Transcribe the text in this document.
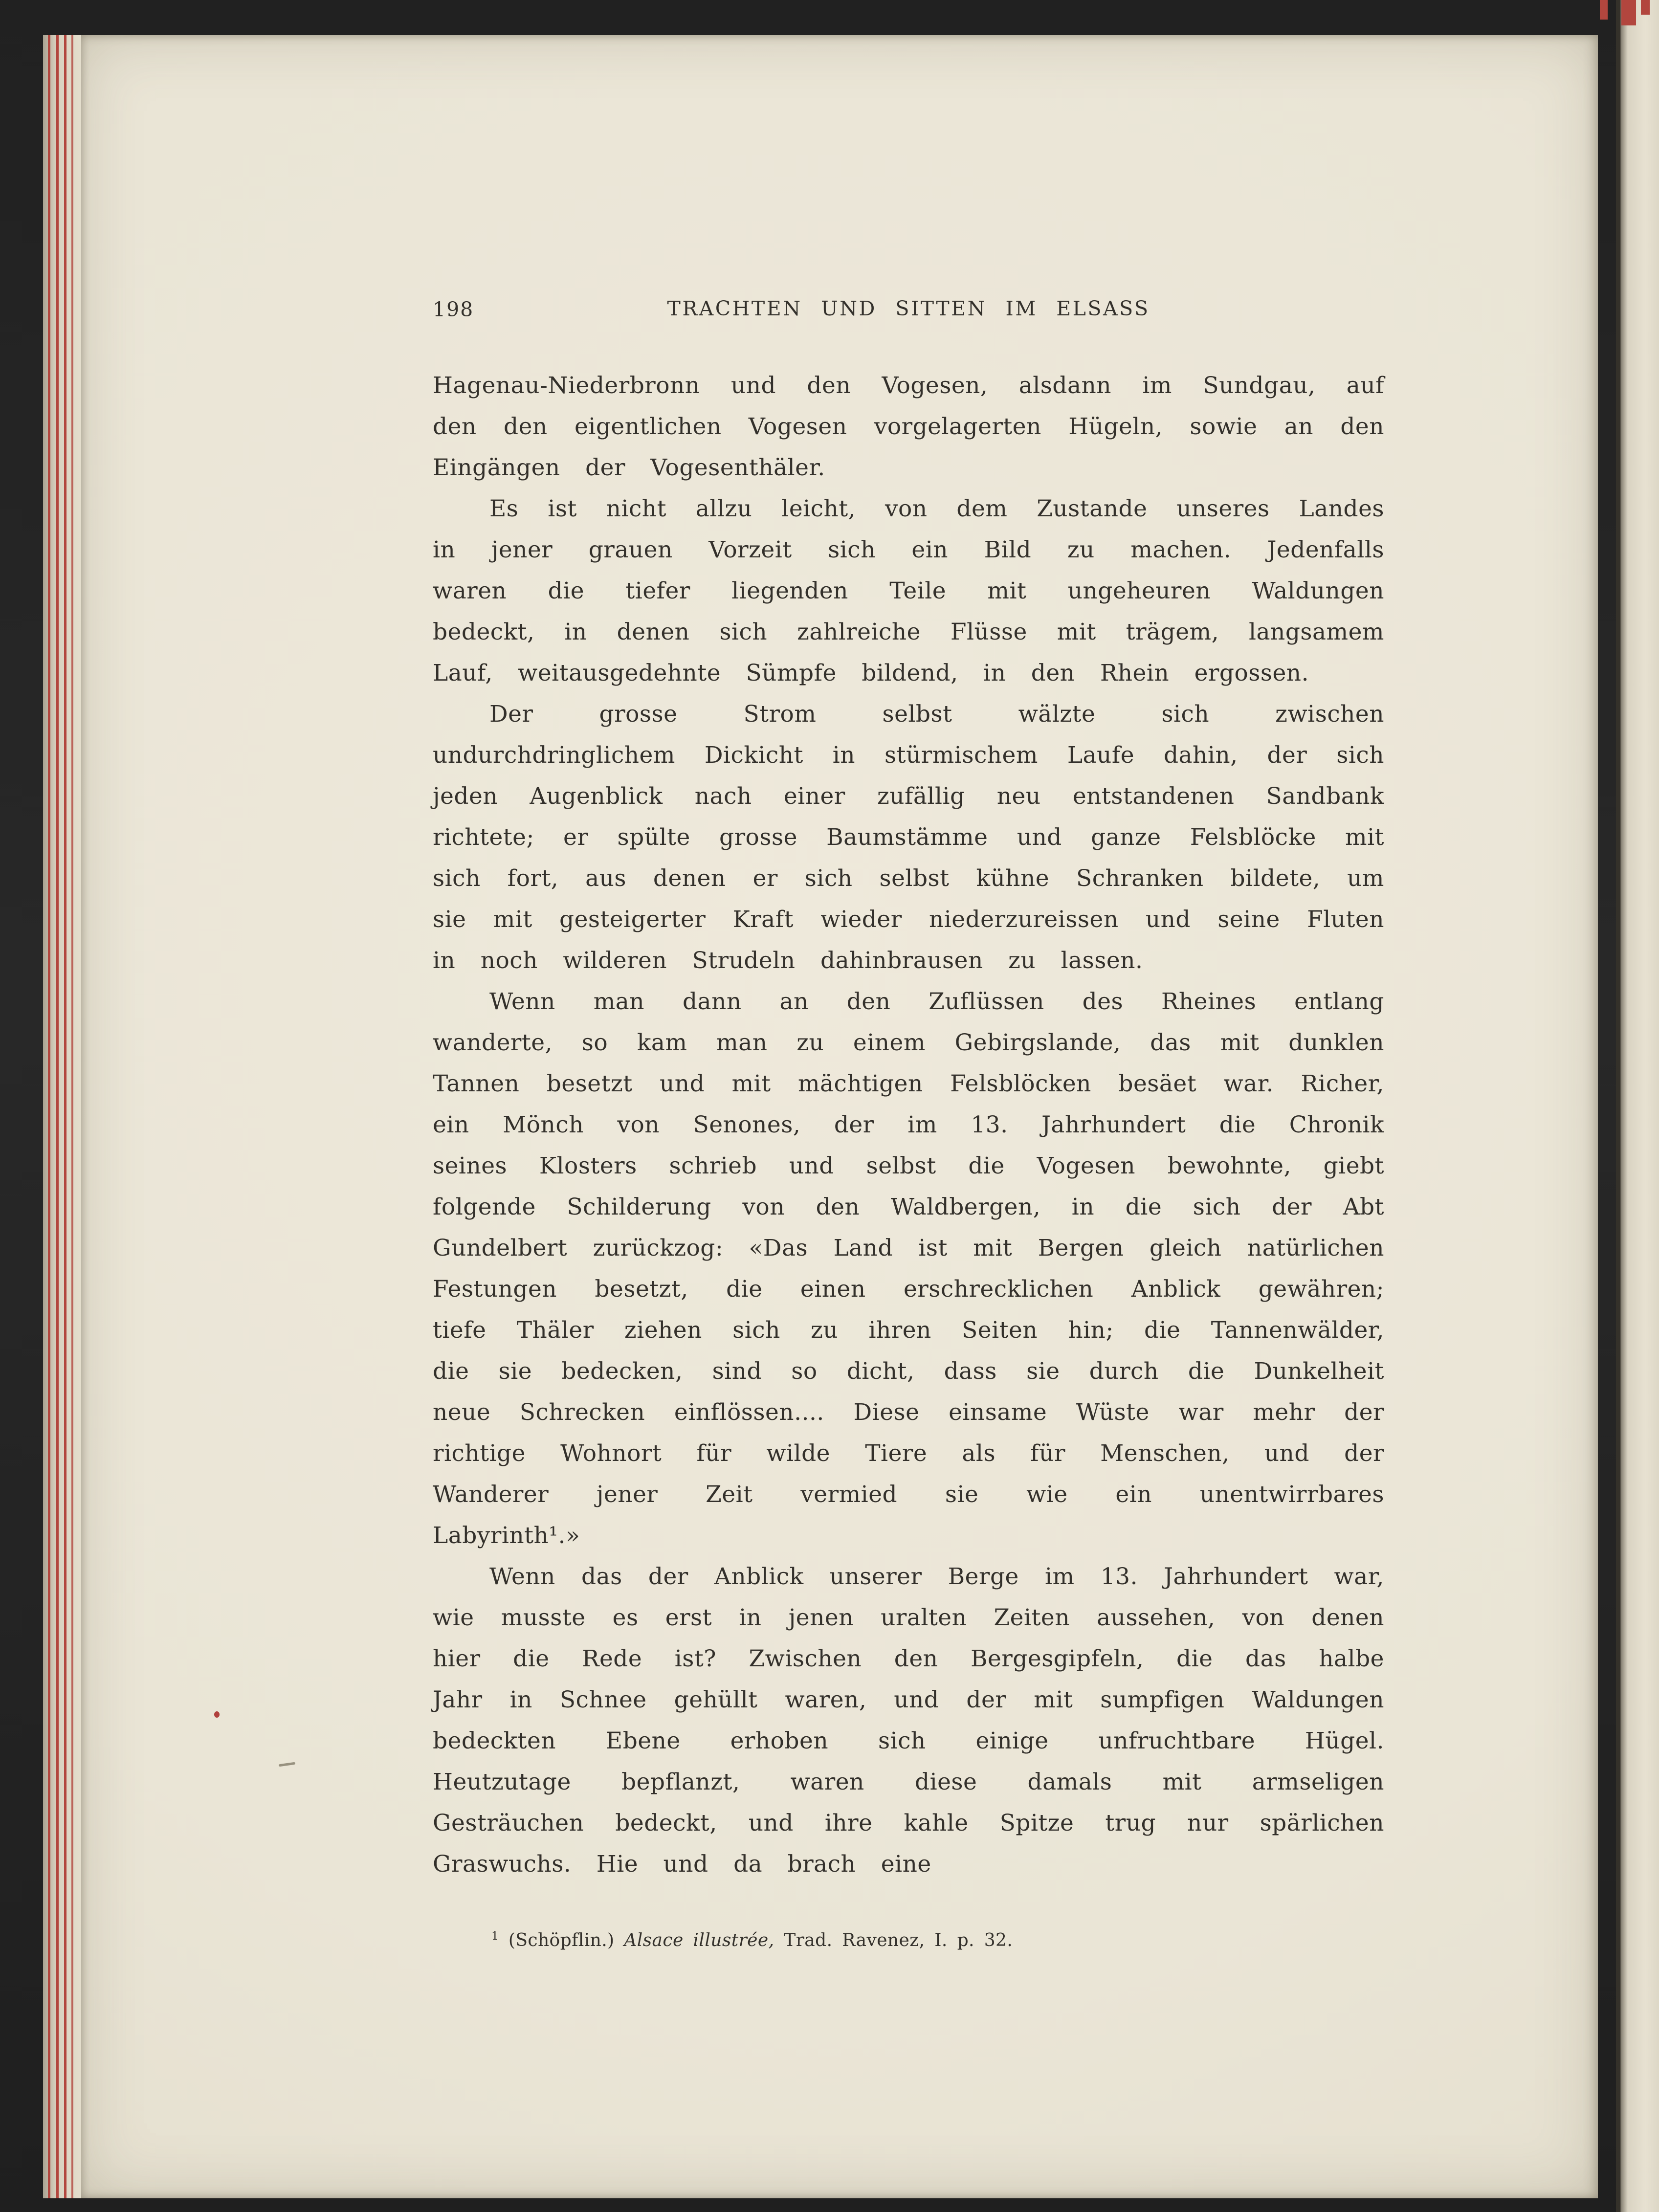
198	TRACHTEN UND SITTEN IM ELSASS

Hagenau-Niederbronn und den Vogesen, alsdann im Sundgau, auf den den eigentlichen Vogesen vorgelagerten Hügeln, sowie an den Eingängen der Vogesenthäler.

Es ist nicht allzu leicht, von dem Zustande unseres Landes in jener grauen Vorzeit sich ein Bild zu machen. Jedenfalls waren die tiefer liegenden Teile mit ungeheuren Waldungen bedeckt, in denen sich zahlreiche Flüsse mit trägem, langsamem Lauf, weitausgedehnte Sümpfe bildend, in den Rhein ergossen.

Der grosse Strom selbst wälzte sich zwischen undurchdringlichem Dickicht in stürmischem Laufe dahin, der sich jeden Augenblick nach einer zufällig neu entstandenen Sandbank richtete; er spülte grosse Baumstämme und ganze Felsblöcke mit sich fort, aus denen er sich selbst kühne Schranken bildete, um sie mit gesteigerter Kraft wieder niederzureissen und seine Fluten in noch wilderen Strudeln dahinbrausen zu lassen.

Wenn man dann an den Zuflüssen des Rheines entlang wanderte, so kam man zu einem Gebirgslande, das mit dunklen Tannen besetzt und mit mächtigen Felsblöcken besäet war. Richer, ein Mönch von Senones, der im 13. Jahrhundert die Chronik seines Klosters schrieb und selbst die Vogesen bewohnte, giebt folgende Schilderung von den Waldbergen, in die sich der Abt Gundelbert zurückzog: «Das Land ist mit Bergen gleich natürlichen Festungen besetzt, die einen erschrecklichen Anblick gewähren; tiefe Thäler ziehen sich zu ihren Seiten hin; die Tannenwälder, die sie bedecken, sind so dicht, dass sie durch die Dunkelheit neue Schrecken einflössen.... Diese einsame Wüste war mehr der richtige Wohnort für wilde Tiere als für Menschen, und der Wanderer jener Zeit vermied sie wie ein unentwirrbares Labyrinth¹.»

Wenn das der Anblick unserer Berge im 13. Jahrhundert war, wie musste es erst in jenen uralten Zeiten aussehen, von denen hier die Rede ist? Zwischen den Bergesgipfeln, die das halbe Jahr in Schnee gehüllt waren, und der mit sumpfigen Waldungen bedeckten Ebene erhoben sich einige unfruchtbare Hügel. Heutzutage bepflanzt, waren diese damals mit armseligen Gesträuchen bedeckt, und ihre kahle Spitze trug nur spärlichen Graswuchs. Hie und da brach eine

$^1$ (Schöpflin.) Alsace illustrée, Trad. Ravenez, I. p. 32.
